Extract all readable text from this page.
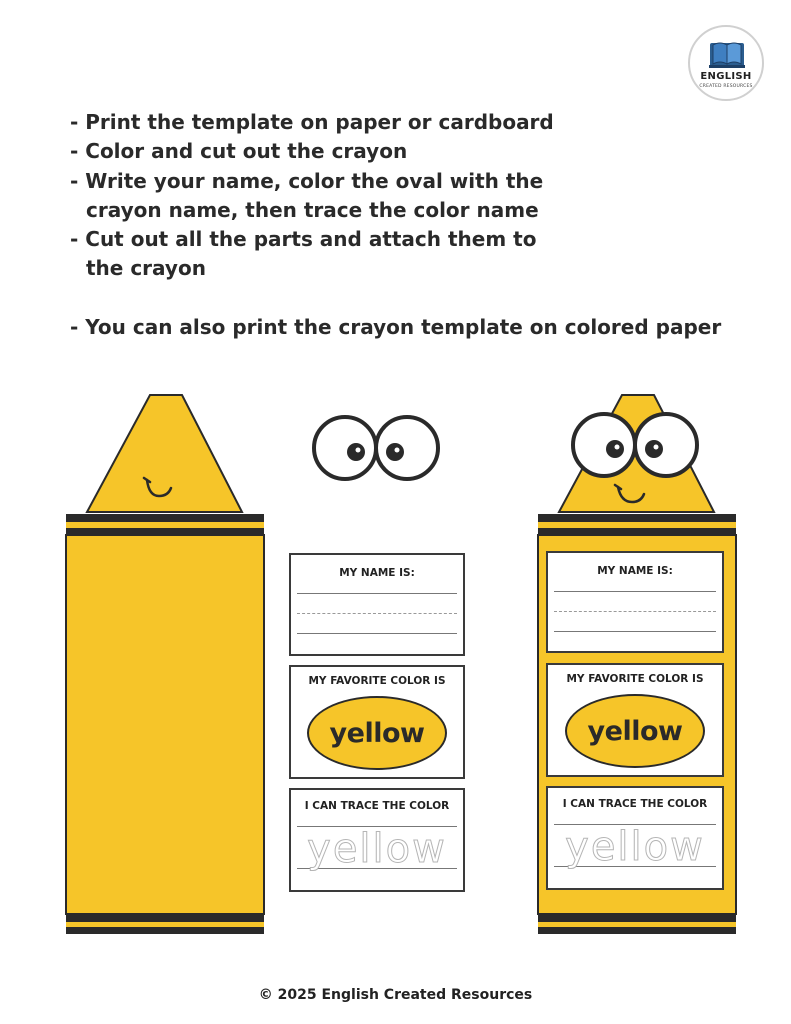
ENGLISH
CREATED RESOURCES
- Print the template on paper or cardboard
- Color and cut out the crayon
- Write your name, color the oval with the
crayon name, then trace the color name
- Cut out all the parts and attach them to
the crayon
- You can also print the crayon template on colored paper
MY NAME IS:
MY FAVORITE COLOR IS
yellow
I CAN TRACE THE COLOR
yellow
MY NAME IS:
MY FAVORITE COLOR IS
yellow
I CAN TRACE THE COLOR
yellow
© 2025 English Created Resources
